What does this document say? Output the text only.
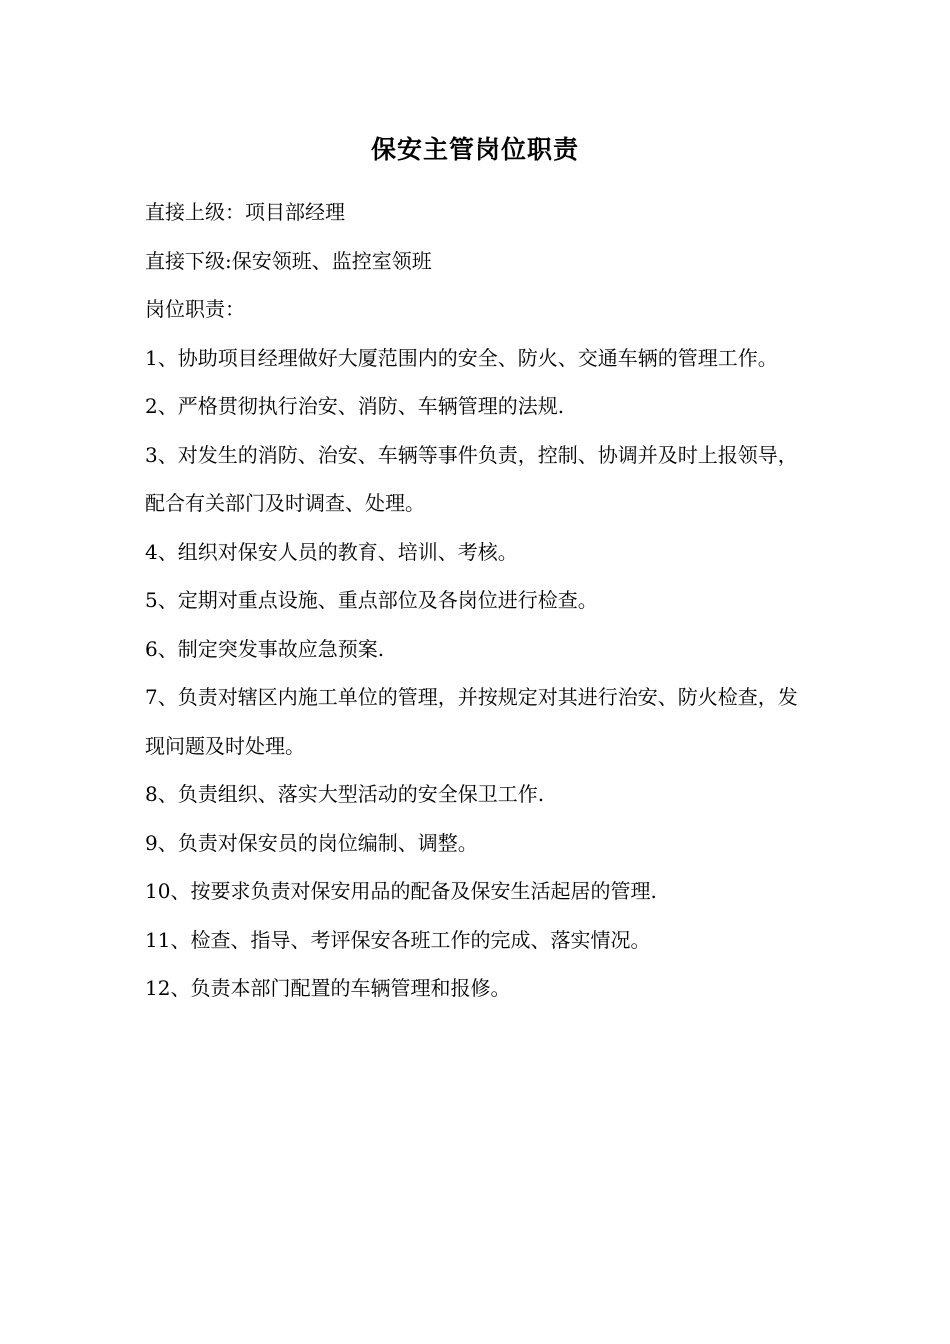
保安主管岗位职责

直接上级：项目部经理

直接下级:保安领班、监控室领班

岗位职责：

1、协助项目经理做好大厦范围内的安全、防火、交通车辆的管理工作。

2、严格贯彻执行治安、消防、车辆管理的法规.

3、对发生的消防、治安、车辆等事件负责，控制、协调并及时上报领导，配合有关部门及时调查、处理。

4、组织对保安人员的教育、培训、考核。

5、定期对重点设施、重点部位及各岗位进行检查。

6、制定突发事故应急预案.

7、负责对辖区内施工单位的管理，并按规定对其进行治安、防火检查，发现问题及时处理。

8、负责组织、落实大型活动的安全保卫工作.

9、负责对保安员的岗位编制、调整。

10、按要求负责对保安用品的配备及保安生活起居的管理.

11、检查、指导、考评保安各班工作的完成、落实情况。

12、负责本部门配置的车辆管理和报修。
